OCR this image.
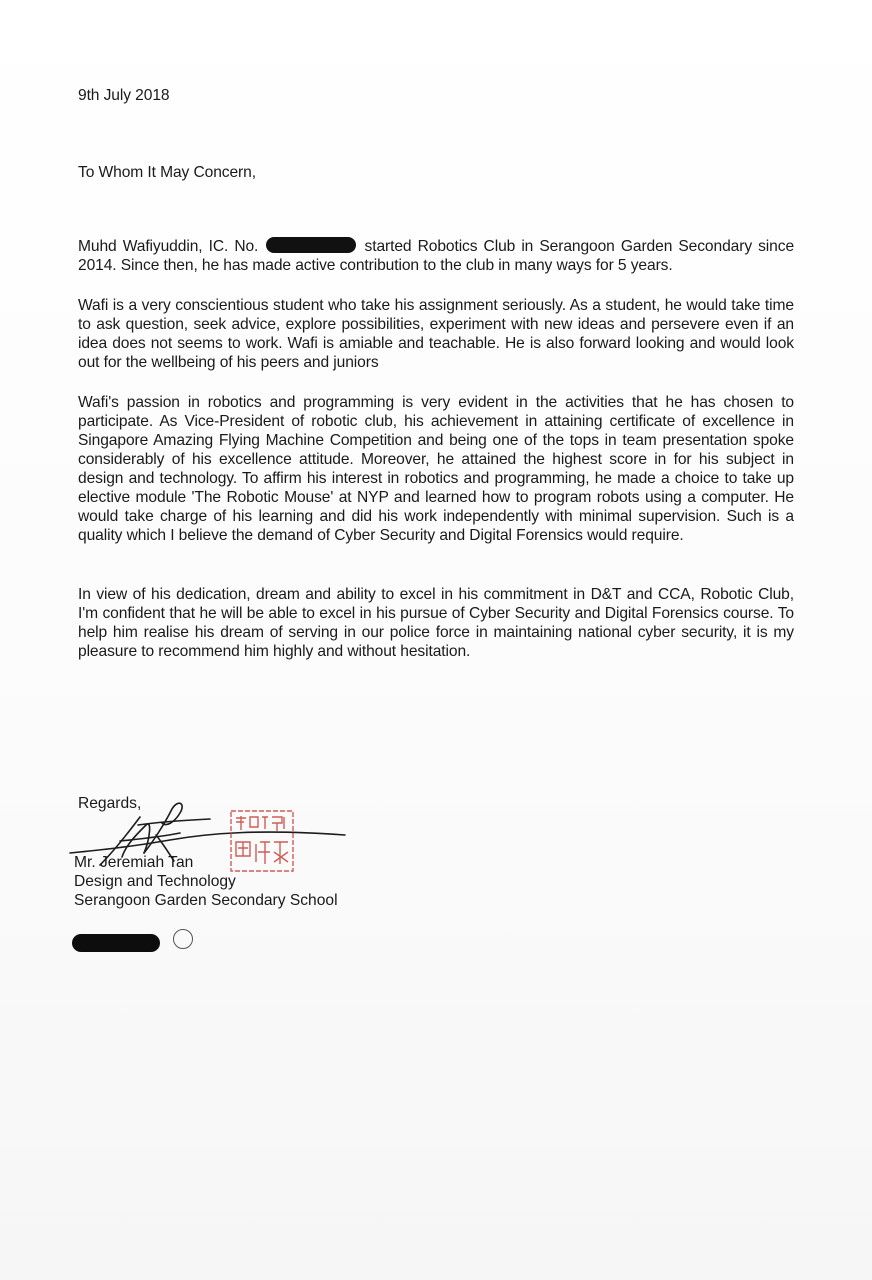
9th July 2018
To Whom It May Concern,
Muhd Wafiyuddin, IC. No.	started Robotics Club in Serangoon Garden Secondary since 2014. Since then, he has made active contribution to the club in many ways for 5 years.
Wafi is a very conscientious student who take his assignment seriously. As a student, he would take time to ask question, seek advice, explore possibilities, experiment with new ideas and persevere even if an idea does not seems to work. Wafi is amiable and teachable. He is also forward looking and would look out for the wellbeing of his peers and juniors
Wafi's passion in robotics and programming is very evident in the activities that he has chosen to participate. As Vice-President of robotic club, his achievement in attaining certificate of excellence in Singapore Amazing Flying Machine Competition and being one of the tops in team presentation spoke considerably of his excellence attitude. Moreover, he attained the highest score in for his subject in design and technology. To affirm his interest in robotics and programming, he made a choice to take up elective module 'The Robotic Mouse' at NYP and learned how to program robots using a computer. He would take charge of his learning and did his work independently with minimal supervision. Such is a quality which I believe the demand of Cyber Security and Digital Forensics would require.
In view of his dedication, dream and ability to excel in his commitment in D&T and CCA, Robotic Club, I'm confident that he will be able to excel in his pursue of Cyber Security and Digital Forensics course. To help him realise his dream of serving in our police force in maintaining national cyber security, it is my pleasure to recommend him highly and without hesitation.
Regards,
Mr. Jeremiah Tan
Design and Technology
Serangoon Garden Secondary School
